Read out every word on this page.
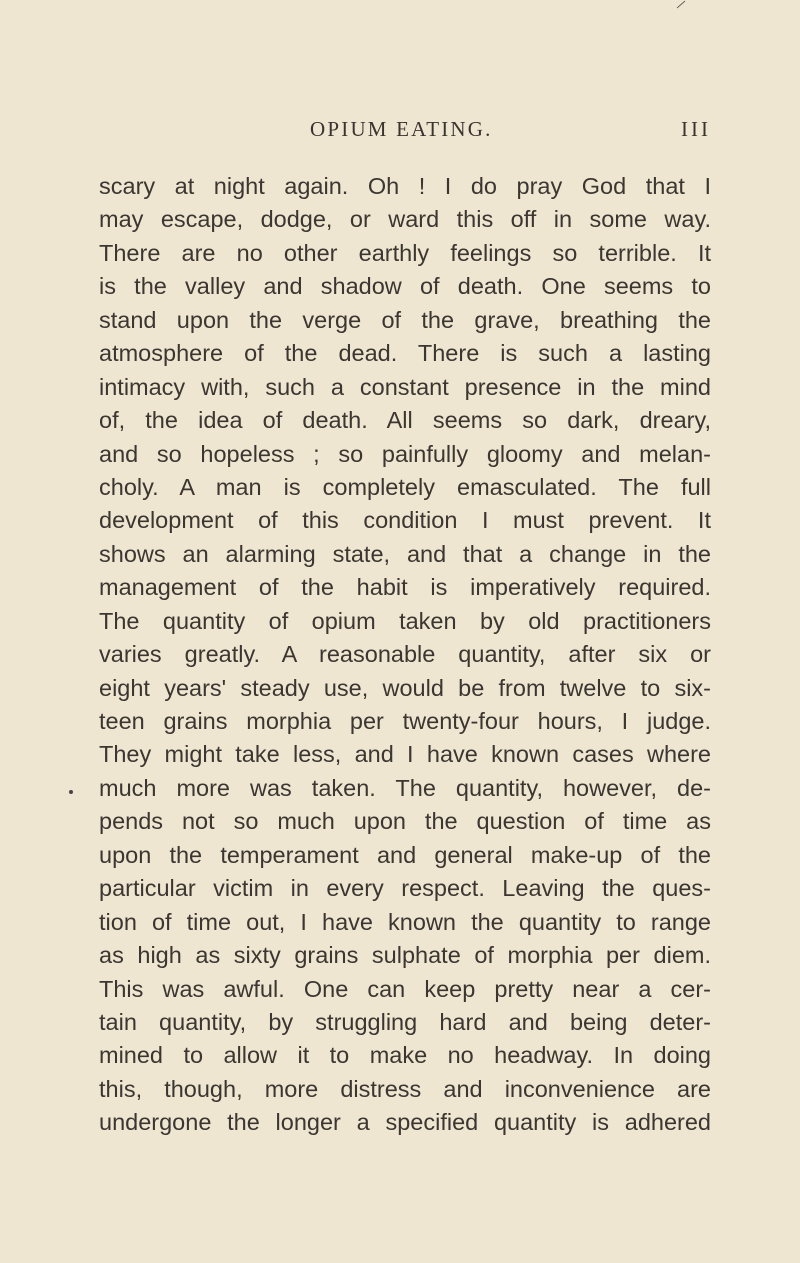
OPIUM EATING.	III
scary at night again. Oh ! I do pray God that I
may escape, dodge, or ward this off in some way.
There are no other earthly feelings so terrible. It
is the valley and shadow of death. One seems to
stand upon the verge of the grave, breathing the
atmosphere of the dead. There is such a lasting
intimacy with, such a constant presence in the mind
of, the idea of death. All seems so dark, dreary,
and so hopeless ; so painfully gloomy and melan-
choly. A man is completely emasculated. The full
development of this condition I must prevent. It
shows an alarming state, and that a change in the
management of the habit is imperatively required.
The quantity of opium taken by old practitioners
varies greatly. A reasonable quantity, after six or
eight years' steady use, would be from twelve to six-
teen grains morphia per twenty-four hours, I judge.
They might take less, and I have known cases where
much more was taken. The quantity, however, de-
pends not so much upon the question of time as
upon the temperament and general make-up of the
particular victim in every respect. Leaving the ques-
tion of time out, I have known the quantity to range
as high as sixty grains sulphate of morphia per diem.
This was awful. One can keep pretty near a cer-
tain quantity, by struggling hard and being deter-
mined to allow it to make no headway. In doing
this, though, more distress and inconvenience are
undergone the longer a specified quantity is adhered
